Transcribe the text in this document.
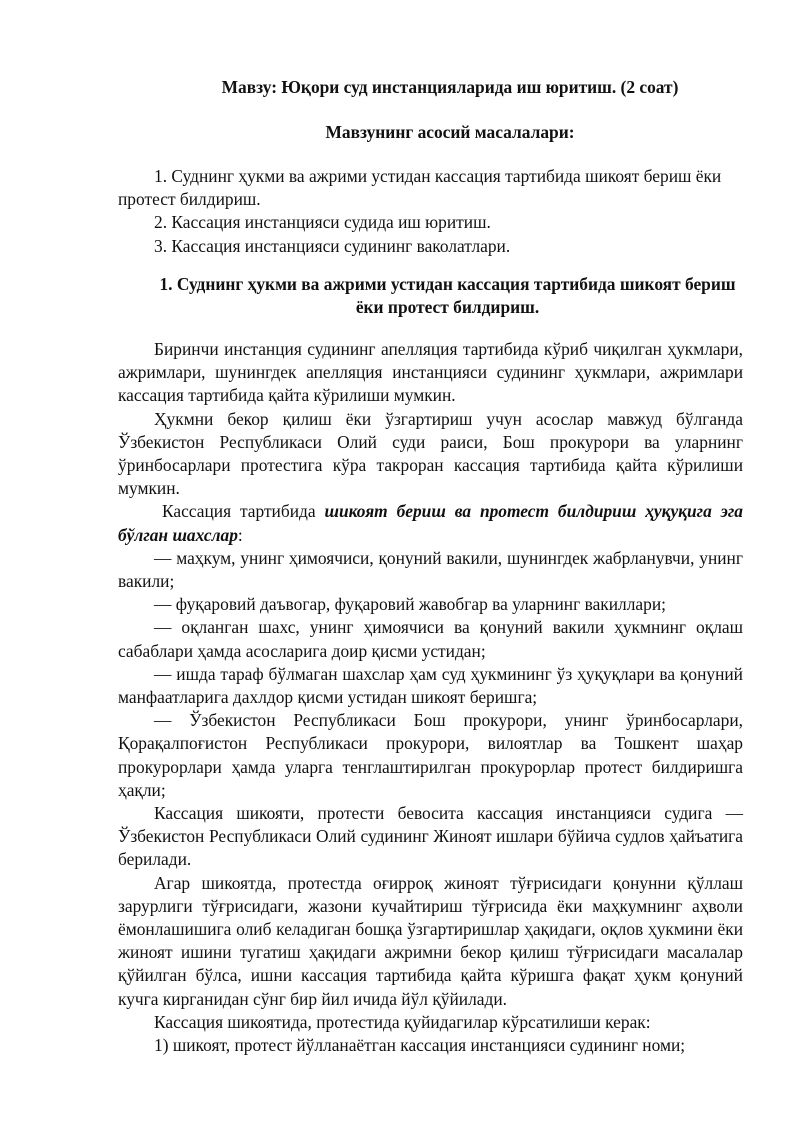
Мавзу: Юқори суд инстанцияларида иш юритиш. (2 соат)
Мавзунинг асосий масалалари:

1. Суднинг ҳукми ва ажрими устидан кассация тартибида шикоят бериш ёки протест билдириш.

2. Кассация инстанцияси судида иш юритиш.

3. Кассация инстанцияси судининг ваколатлари.

1. Суднинг ҳукми ва ажрими устидан кассация тартибида шикоят бериш ёки протест билдириш.

Биринчи инстанция судининг апелляция тартибида кўриб чиқилган ҳукмлари, ажримлари, шунингдек апелляция инстанцияси судининг ҳукмлари, ажримлари кассация тартибида қайта кўрилиши мумкин.

Ҳукмни бекор қилиш ёки ўзгартириш учун асослар мавжуд бўлганда Ўзбекистон Республикаси Олий суди раиси, Бош прокурори ва уларнинг ўринбосарлари протестига кўра такроран кассация тартибида қайта кўрилиши мумкин.

Кассация тартибида шикоят бериш ва протест билдириш ҳуқуқига эга бўлган шахслар:

— маҳкум, унинг ҳимоячиси, қонуний вакили, шунингдек жабрланувчи, унинг вакили;

— фуқаровий даъвогар, фуқаровий жавобгар ва уларнинг вакиллари;

— оқланган шахс, унинг ҳимоячиси ва қонуний вакили ҳукмнинг оқлаш сабаблари ҳамда асосларига доир қисми устидан;

— ишда тараф бўлмаган шахслар ҳам суд ҳукмининг ўз ҳуқуқлари ва қонуний манфаатларига дахлдор қисми устидан шикоят беришга;

— Ўзбекистон Республикаси Бош прокурори, унинг ўринбосарлари, Қорақалпоғистон Республикаси прокурори, вилоятлар ва Тошкент шаҳар прокурорлари ҳамда уларга тенглаштирилган прокурорлар протест билдиришга ҳақли;

Кассация шикояти, протести бевосита кассация инстанцияси судига — Ўзбекистон Республикаси Олий судининг Жиноят ишлари бўйича судлов ҳайъатига берилади.

Агар шикоятда, протестда оғирроқ жиноят тўғрисидаги қонунни қўллаш зарурлиги тўғрисидаги, жазони кучайтириш тўғрисида ёки маҳкумнинг аҳволи ёмонлашишига олиб келадиган бошқа ўзгартиришлар ҳақидаги, оқлов ҳукмини ёки жиноят ишини тугатиш ҳақидаги ажримни бекор қилиш тўғрисидаги масалалар қўйилган бўлса, ишни кассация тартибида қайта кўришга фақат ҳукм қонуний кучга кирганидан сўнг бир йил ичида йўл қўйилади.

Кассация шикоятида, протестида қуйидагилар кўрсатилиши керак:

1) шикоят, протест йўлланаётган кассация инстанцияси судининг номи;
